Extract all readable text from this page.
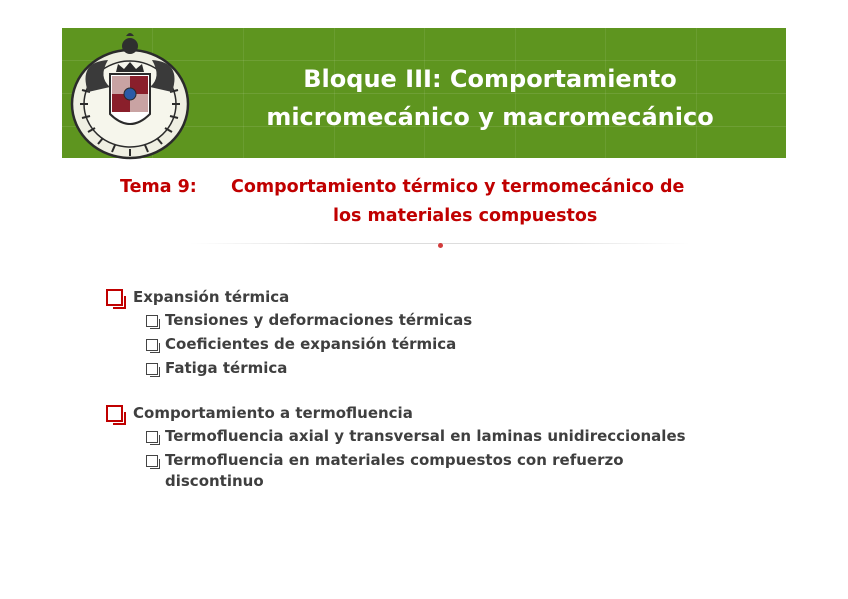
Bloque III: Comportamiento
micromecánico y macromecánico
Tema 9: Comportamiento térmico y termomecánico de
los materiales compuestos
Expansión térmica
Tensiones y deformaciones térmicas
Coeficientes de expansión térmica
Fatiga térmica
Comportamiento a termofluencia
Termofluencia axial y transversal en laminas unidireccionales
Termofluencia en materiales compuestos con refuerzo discontinuo
